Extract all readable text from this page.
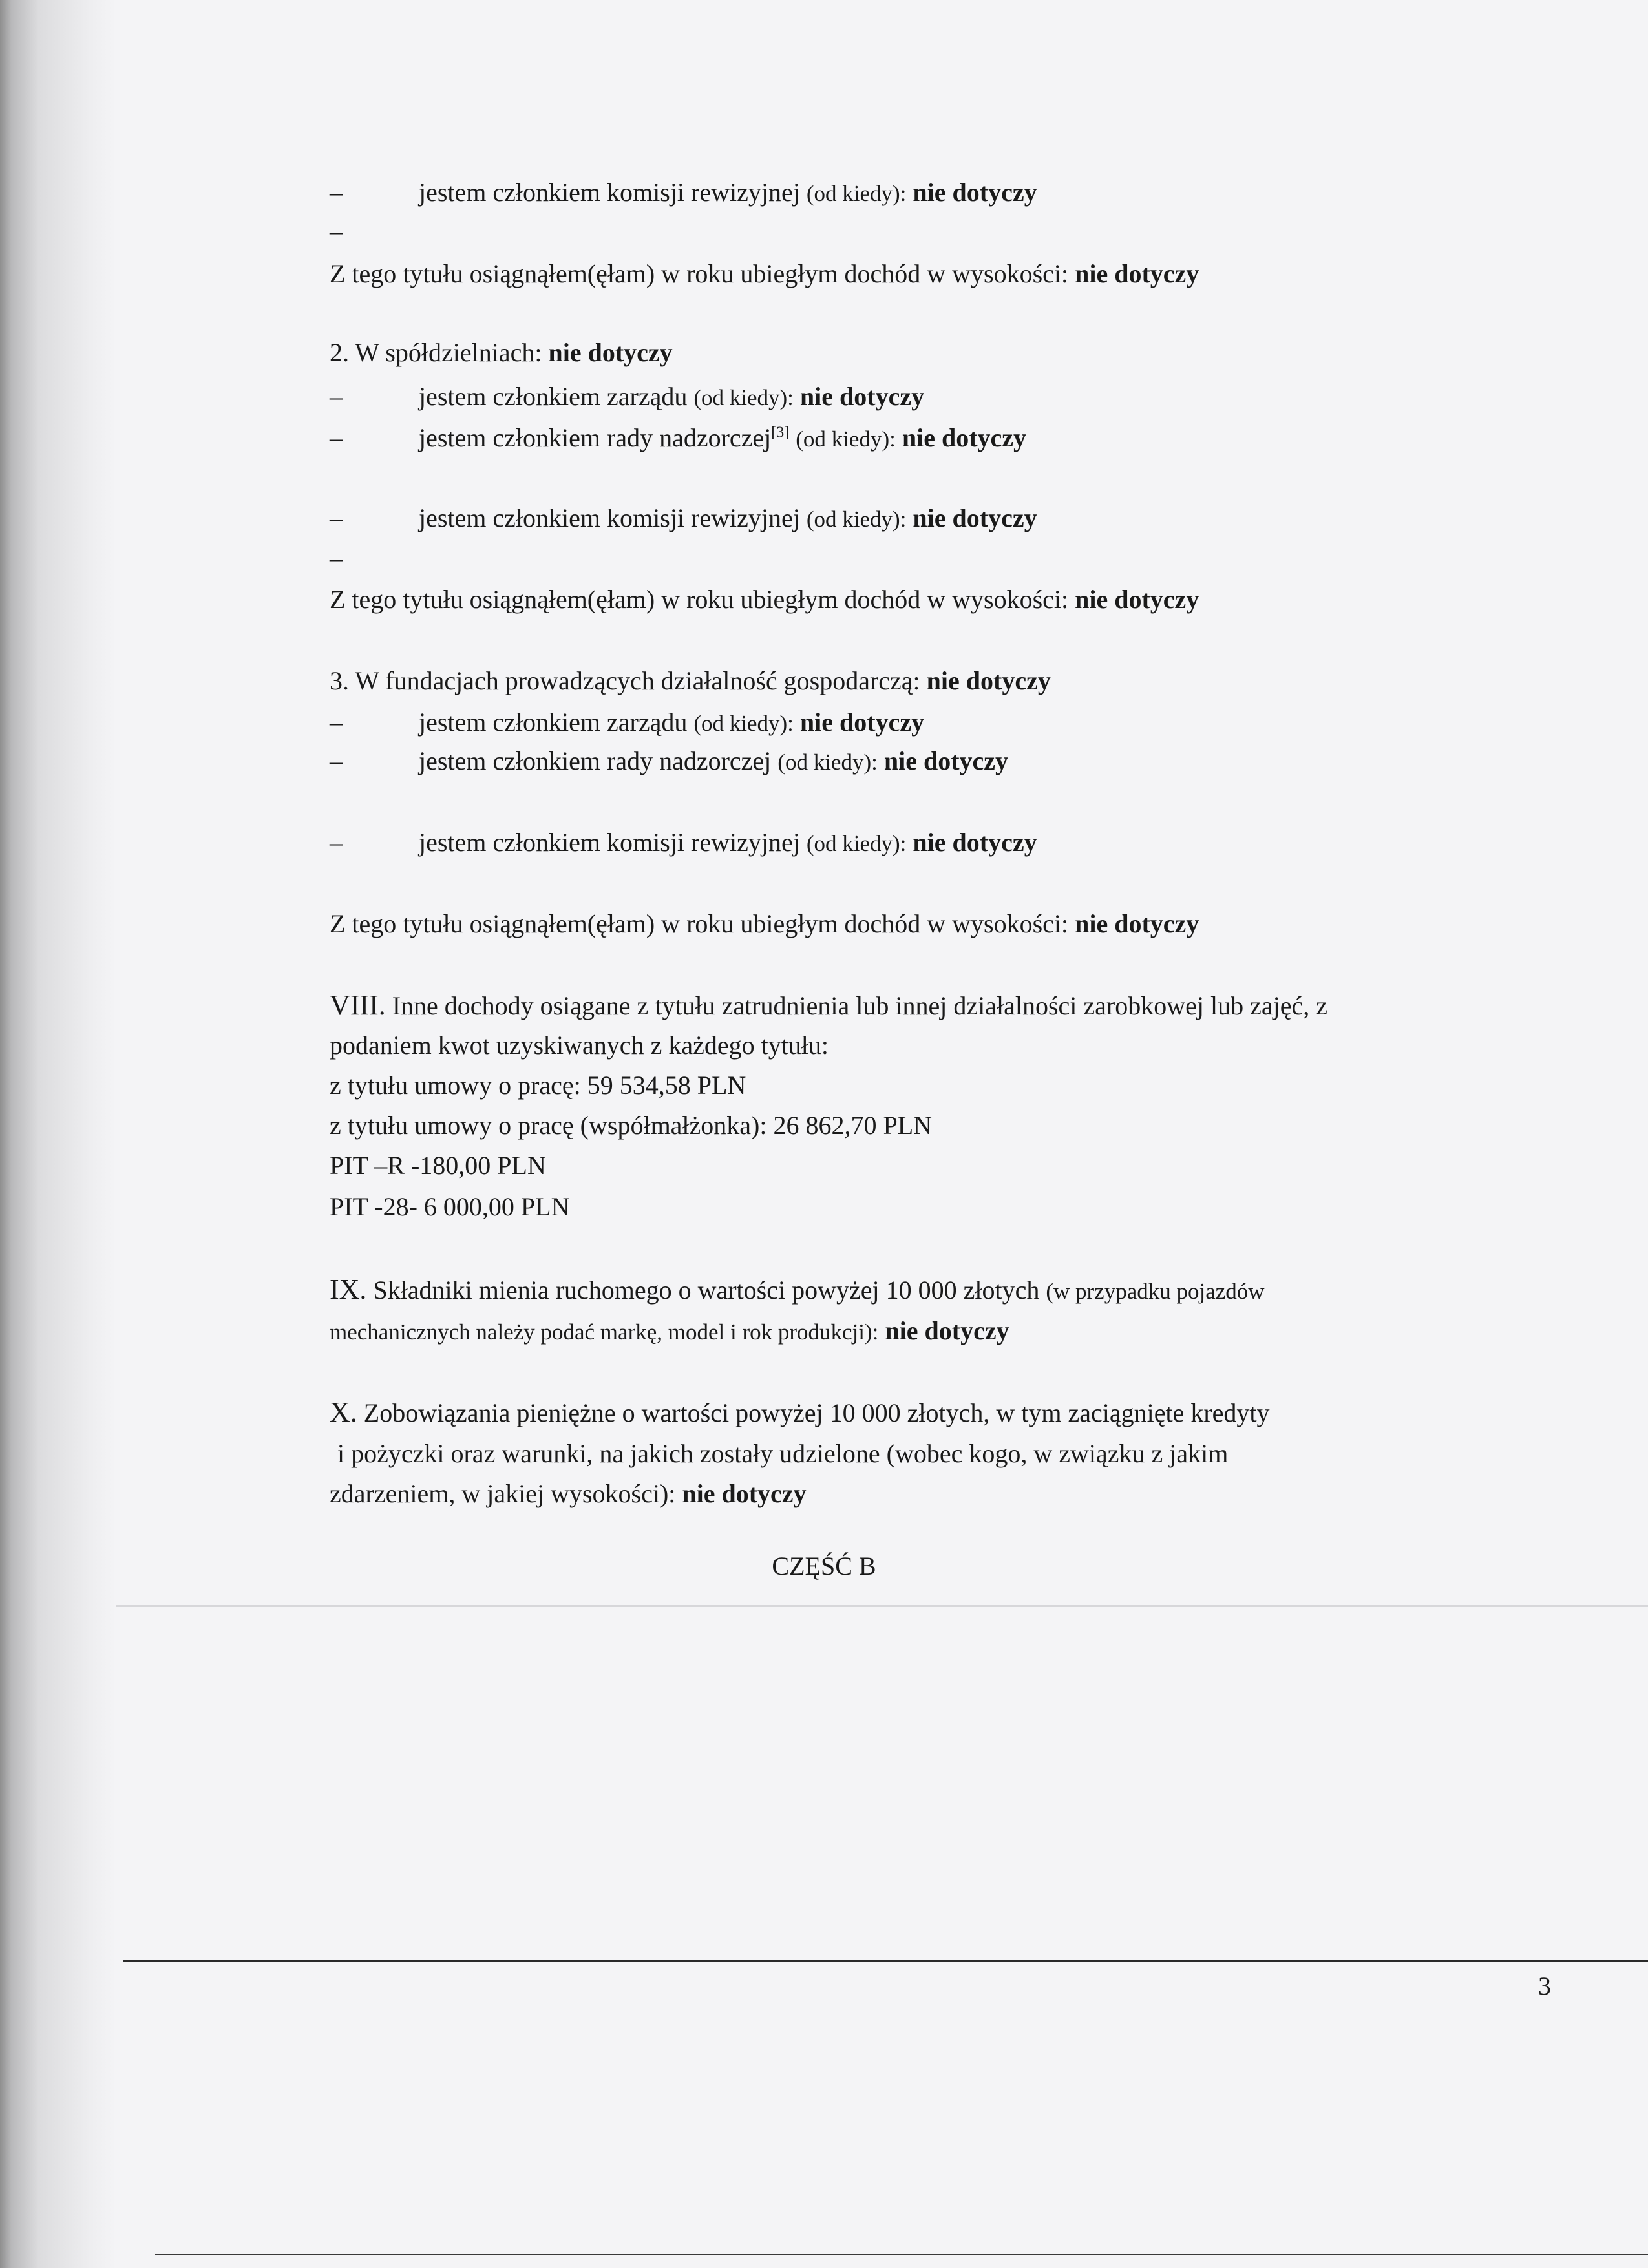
–	jestem członkiem komisji rewizyjnej (od kiedy): nie dotyczy
–
Z tego tytułu osiągnąłem(ęłam) w roku ubiegłym dochód w wysokości: nie dotyczy
2. W spółdzielniach: nie dotyczy
–	jestem członkiem zarządu (od kiedy): nie dotyczy
–	jestem członkiem rady nadzorczej[3] (od kiedy): nie dotyczy
–	jestem członkiem komisji rewizyjnej (od kiedy): nie dotyczy
–
Z tego tytułu osiągnąłem(ęłam) w roku ubiegłym dochód w wysokości: nie dotyczy
3. W fundacjach prowadzących działalność gospodarczą: nie dotyczy
–	jestem członkiem zarządu (od kiedy): nie dotyczy
–	jestem członkiem rady nadzorczej (od kiedy): nie dotyczy
–	jestem członkiem komisji rewizyjnej (od kiedy): nie dotyczy
Z tego tytułu osiągnąłem(ęłam) w roku ubiegłym dochód w wysokości: nie dotyczy
VIII. Inne dochody osiągane z tytułu zatrudnienia lub innej działalności zarobkowej lub zajęć, z
podaniem kwot uzyskiwanych z każdego tytułu:
z tytułu umowy o pracę: 59 534,58 PLN
z tytułu umowy o pracę (współmałżonka): 26 862,70 PLN
PIT –R -180,00 PLN
PIT -28- 6 000,00 PLN
IX. Składniki mienia ruchomego o wartości powyżej 10 000 złotych (w przypadku pojazdów
mechanicznych należy podać markę, model i rok produkcji): nie dotyczy
X. Zobowiązania pieniężne o wartości powyżej 10 000 złotych, w tym zaciągnięte kredyty
i pożyczki oraz warunki, na jakich zostały udzielone (wobec kogo, w związku z jakim
zdarzeniem, w jakiej wysokości): nie dotyczy
CZĘŚĆ B
3
